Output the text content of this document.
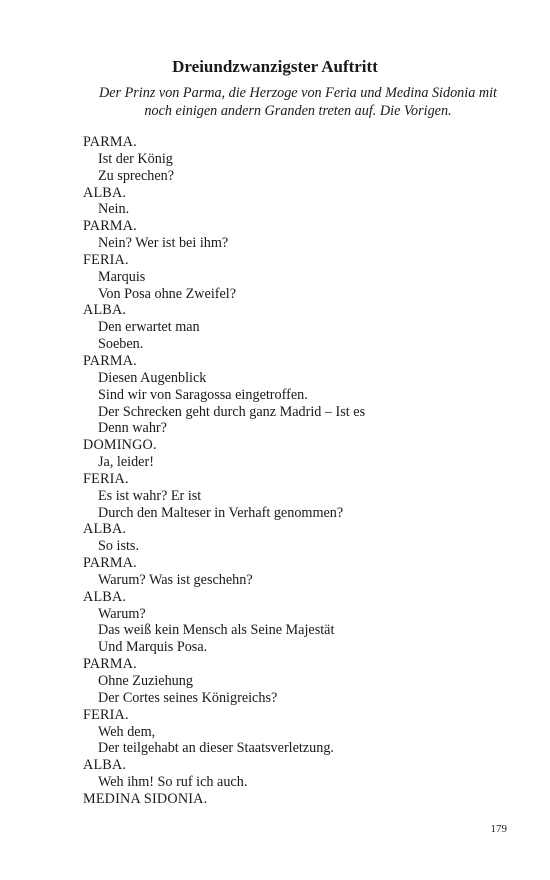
Dreiundzwanzigster Auftritt

Der Prinz von Parma, die Herzoge von Feria und Medina Sidonia mit noch einigen andern Granden treten auf. Die Vorigen.

PARMA.
Ist der König
Zu sprechen?
ALBA.
Nein.
PARMA.
Nein? Wer ist bei ihm?
FERIA.
Marquis
Von Posa ohne Zweifel?
ALBA.
Den erwartet man
Soeben.
PARMA.
Diesen Augenblick
Sind wir von Saragossa eingetroffen.
Der Schrecken geht durch ganz Madrid – Ist es
Denn wahr?
DOMINGO.
Ja, leider!
FERIA.
Es ist wahr? Er ist
Durch den Malteser in Verhaft genommen?
ALBA.
So ists.
PARMA.
Warum? Was ist geschehn?
ALBA.
Warum?
Das weiß kein Mensch als Seine Majestät
Und Marquis Posa.
PARMA.
Ohne Zuziehung
Der Cortes seines Königreichs?
FERIA.
Weh dem,
Der teilgehabt an dieser Staatsverletzung.
ALBA.
Weh ihm! So ruf ich auch.
MEDINA SIDONIA.
179
